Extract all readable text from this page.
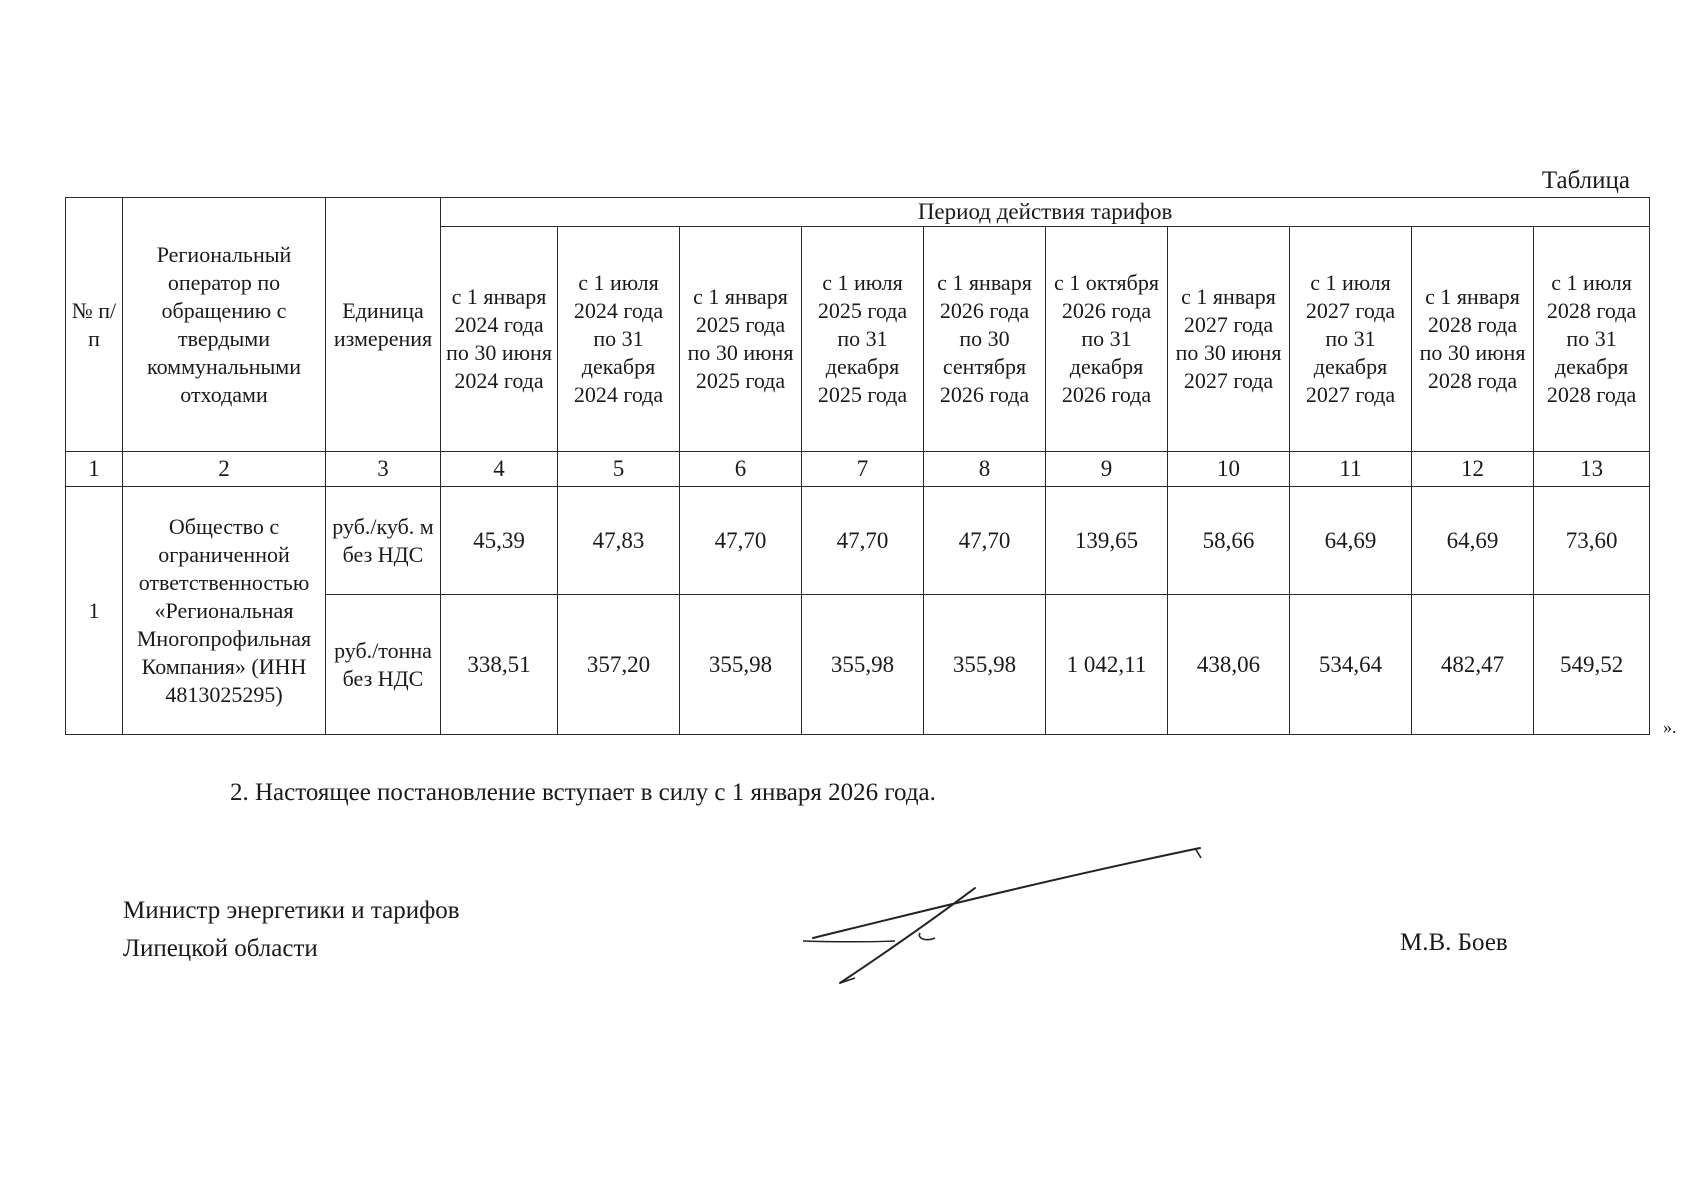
Таблица
№ п/п	Региональный оператор по обращению с твердыми коммунальными отходами	Единица измерения	Период действия тарифов									
			с 1 января 2024 года по 30 июня 2024 года	с 1 июля 2024 года по 31 декабря 2024 года	с 1 января 2025 года по 30 июня 2025 года	с 1 июля 2025 года по 31 декабря 2025 года	с 1 января 2026 года по 30 сентября 2026 года	с 1 октября 2026 года по 31 декабря 2026 года	с 1 января 2027 года по 30 июня 2027 года	с 1 июля 2027 года по 31 декабря 2027 года	с 1 января 2028 года по 30 июня 2028 года	с 1 июля 2028 года по 31 декабря 2028 года
1	2	3	4	5	6	7	8	9	10	11	12	13
1	Общество с ограниченной ответственностью «Региональная Многопрофильная Компания» (ИНН 4813025295)	руб./куб. м без НДС	45,39	47,83	47,70	47,70	47,70	139,65	58,66	64,69	64,69	73,60
		руб./тонна без НДС	338,51	357,20	355,98	355,98	355,98	1 042,11	438,06	534,64	482,47	549,52
».
2. Настоящее постановление вступает в силу с 1 января 2026 года.
Министр энергетики и тарифов
Липецкой области	М.В. Боев
